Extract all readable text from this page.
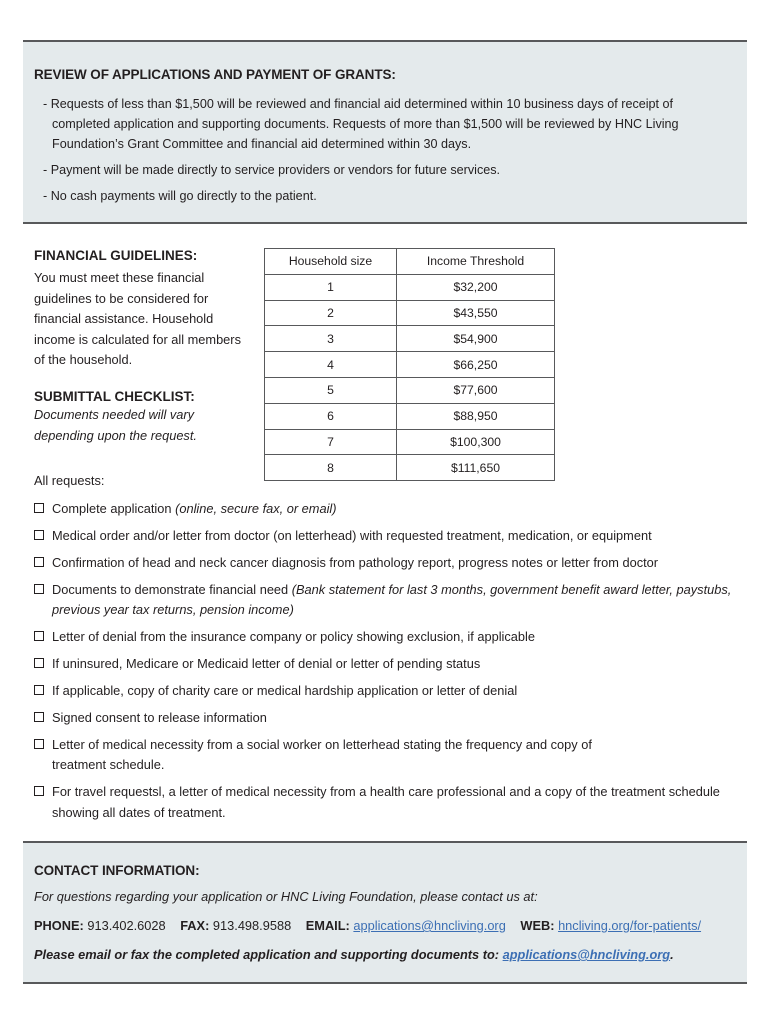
REVIEW OF APPLICATIONS AND PAYMENT OF GRANTS:
- Requests of less than $1,500 will be reviewed and financial aid determined within 10 business days of receipt of completed application and supporting documents. Requests of more than $1,500 will be reviewed by HNC Living Foundation’s Grant Committee and financial aid determined within 30 days.
- Payment will be made directly to service providers or vendors for future services.
- No cash payments will go directly to the patient.
FINANCIAL GUIDELINES:

You must meet these financial guidelines to be considered for financial assistance. Household income is calculated for all members of the household.

SUBMITTAL CHECKLIST:

Documents needed will vary depending upon the request.

Household size	Income Threshold
1	$32,200
2	$43,550
3	$54,900
4	$66,250
5	$77,600
6	$88,950
7	$100,300
8	$111,650
All requests:
Complete application (online, secure fax, or email)
Medical order and/or letter from doctor (on letterhead) with requested treatment, medication, or equipment
Confirmation of head and neck cancer diagnosis from pathology report, progress notes or letter from doctor
Documents to demonstrate financial need (Bank statement for last 3 months, government benefit award letter, paystubs, previous year tax returns, pension income)
Letter of denial from the insurance company or policy showing exclusion, if applicable
If uninsured, Medicare or Medicaid letter of denial or letter of pending status
If applicable, copy of charity care or medical hardship application or letter of denial
Signed consent to release information
Letter of medical necessity from a social worker on letterhead stating the frequency and copy of treatment schedule.
For travel requestsl, a letter of medical necessity from a health care professional and a copy of the treatment schedule showing all dates of treatment.
CONTACT INFORMATION:
For questions regarding your application or HNC Living Foundation, please contact us at:
PHONE: 913.402.6028 FAX: 913.498.9588 EMAIL: applications@hncliving.org WEB: hncliving.org/for-patients/
Please email or fax the completed application and supporting documents to: applications@hncliving.org.
